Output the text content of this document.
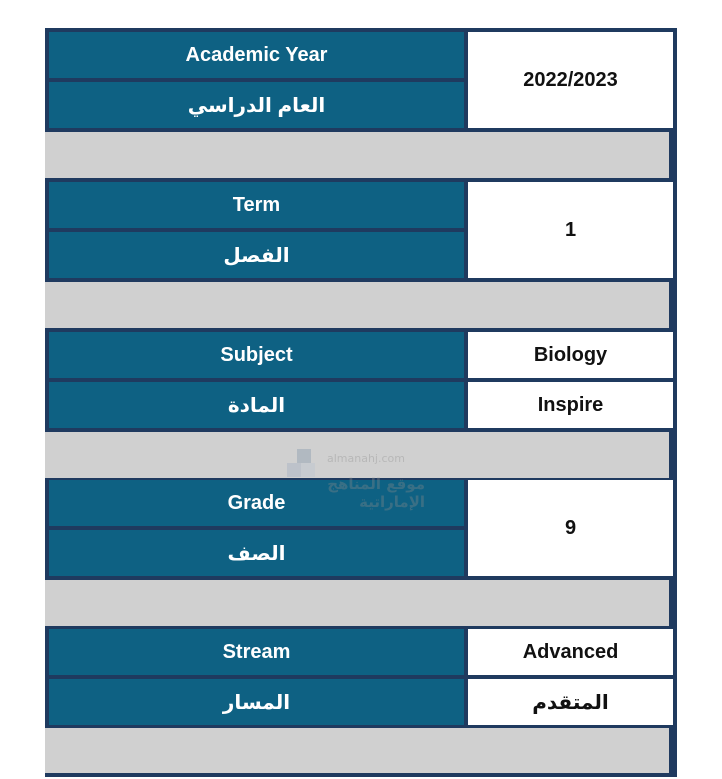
Academic Year
العام الدراسي
2022/2023
Term
الفصل
1
Subject
المادة
Biology
Inspire
Grade
الصف
9
Stream
المسار
Advanced
المتقدم
almanahj.com
موقع المناهج الإماراتية
